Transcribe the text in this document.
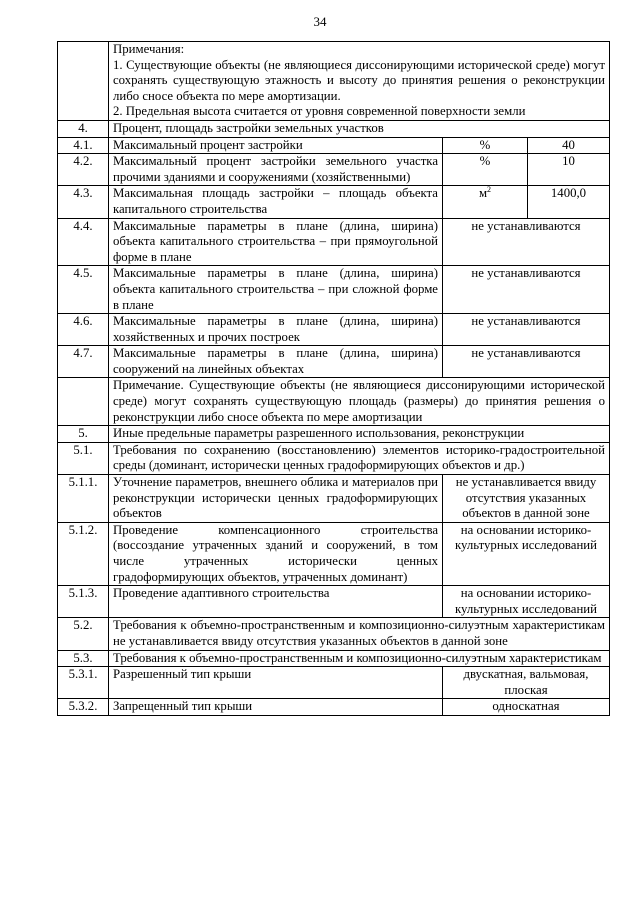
34

	Примечания:

1. Существующие объекты (не являющиеся диссонирующими исторической среде) могут сохранять существующую этажность и высоту до принятия решения о реконструкции либо сносе объекта по мере амортизации.

2. Предельная высота считается от уровня современной поверхности земли		

4.	Процент, площадь застройки земельных участков		
4.1.	Максимальный процент застройки	%	40
4.2.	Максимальный процент застройки земельного участка прочими зданиями и сооружениями (хозяйственными)	%	10
4.3.	Максимальная площадь застройки – площадь объекта капитального строительства	$м^2$	1400,0
4.4.	Максимальные параметры в плане (длина, ширина) объекта капитального строительства – при прямоугольной форме в плане	не устанавливаются	
4.5.	Максимальные параметры в плане (длина, ширина) объекта капитального строительства – при сложной форме в плане	не устанавливаются	
4.6.	Максимальные параметры в плане (длина, ширина) хозяйственных и прочих построек	не устанавливаются	
4.7.	Максимальные параметры в плане (длина, ширина) сооружений на линейных объектах	не устанавливаются	
	Примечание. Существующие объекты (не являющиеся диссонирующими исторической среде) могут сохранять существующую площадь (размеры) до принятия решения о реконструкции либо сносе объекта по мере амортизации		
5.	Иные предельные параметры разрешенного использования, реконструкции		
5.1.	Требования по сохранению (восстановлению) элементов историко-градостроительной среды (доминант, исторически ценных градоформирующих объектов и др.)		
5.1.1.	Уточнение параметров, внешнего облика и материалов при реконструкции исторически ценных градоформирующих объектов	не устанавливается ввиду отсутствия указанных объектов в данной зоне	
5.1.2.	Проведение компенсационного строительства (воссоздание утраченных зданий и сооружений, в том числе утраченных исторически ценных градоформирующих объектов, утраченных доминант)	на основании историко-культурных исследований	
5.1.3.	Проведение адаптивного строительства	на основании историко-культурных исследований	
5.2.	Требования к объемно-пространственным и композиционно-силуэтным характеристикам не устанавливается ввиду отсутствия указанных объектов в данной зоне		
5.3.	Требования к объемно-пространственным и композиционно-силуэтным характеристикам		
5.3.1.	Разрешенный тип крыши	двускатная, вальмовая, плоская	
5.3.2.	Запрещенный тип крыши	односкатная	
